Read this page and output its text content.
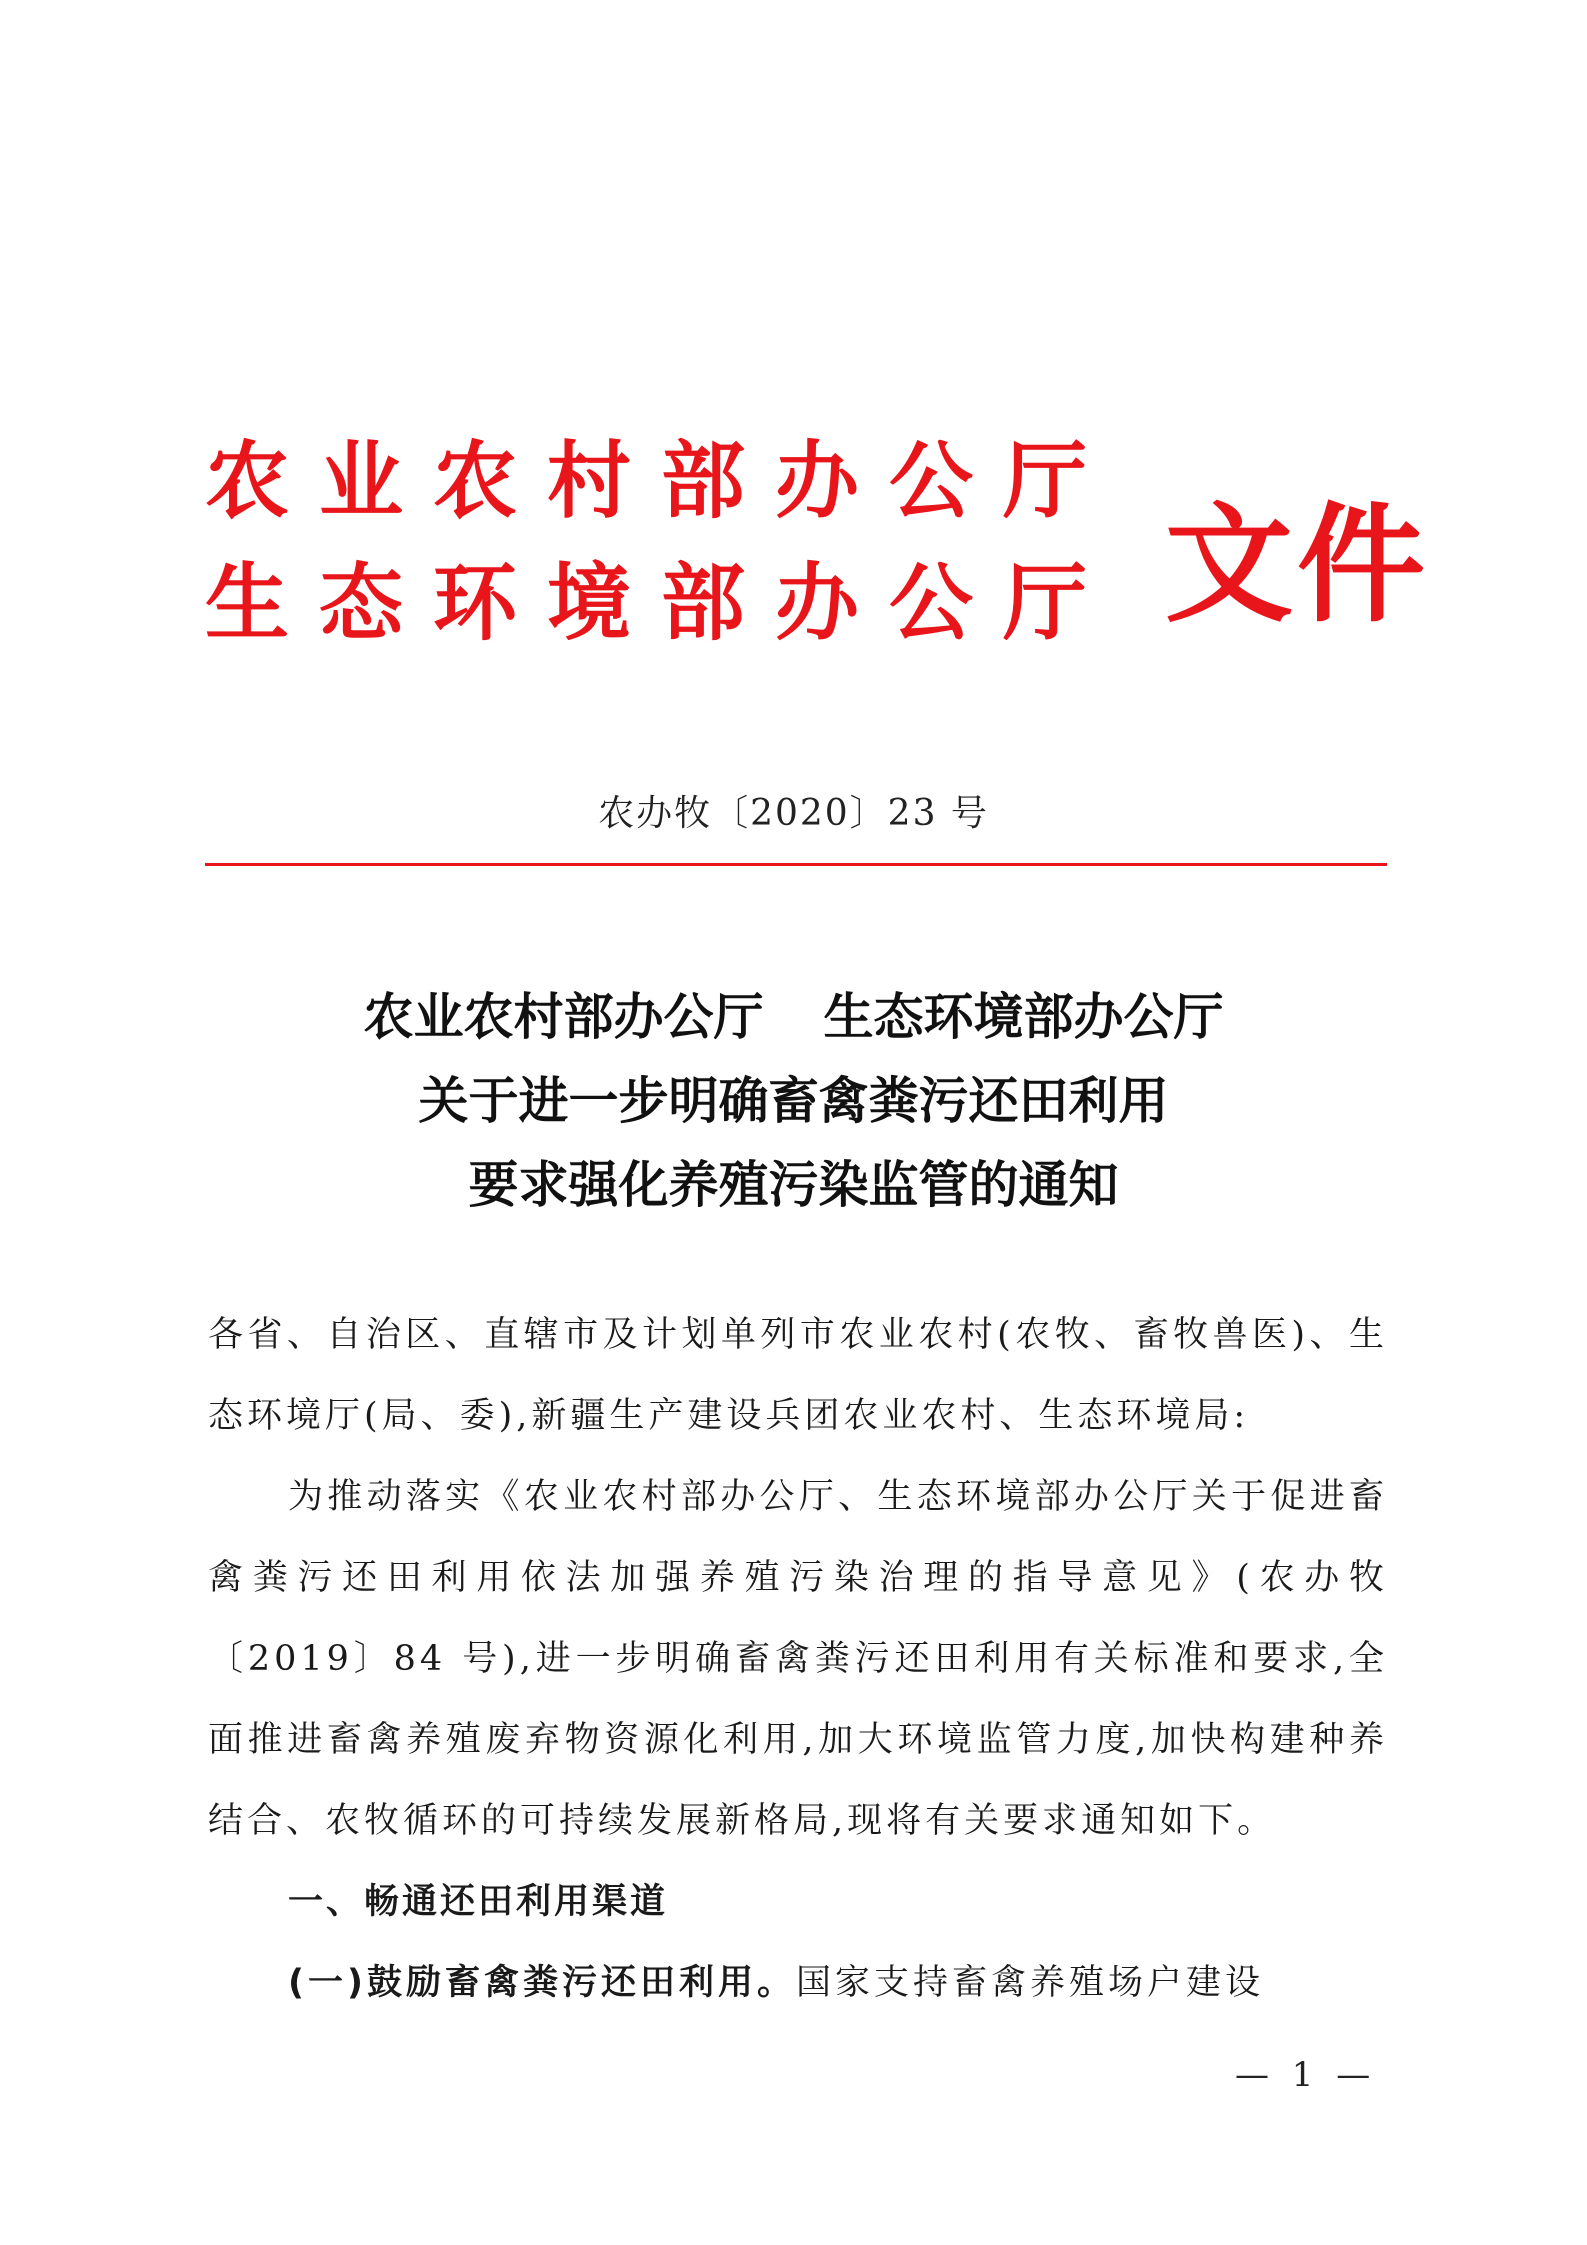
农业农村部办公厅
生态环境部办公厅 文件
农办牧〔2020〕23 号
农业农村部办公厅 生态环境部办公厅
关于进一步明确畜禽粪污还田利用
要求强化养殖污染监管的通知

各省、自治区、直辖市及计划单列市农业农村(农牧、畜牧兽医)、生态环境厅(局、委),新疆生产建设兵团农业农村、生态环境局:

为推动落实《农业农村部办公厅、生态环境部办公厅关于促进畜禽粪污还田利用依法加强养殖污染治理的指导意见》(农办牧〔2019〕84 号),进一步明确畜禽粪污还田利用有关标准和要求,全面推进畜禽养殖废弃物资源化利用,加大环境监管力度,加快构建种养结合、农牧循环的可持续发展新格局,现将有关要求通知如下。

一、畅通还田利用渠道

(一)鼓励畜禽粪污还田利用。国家支持畜禽养殖场户建设

— 1 —
